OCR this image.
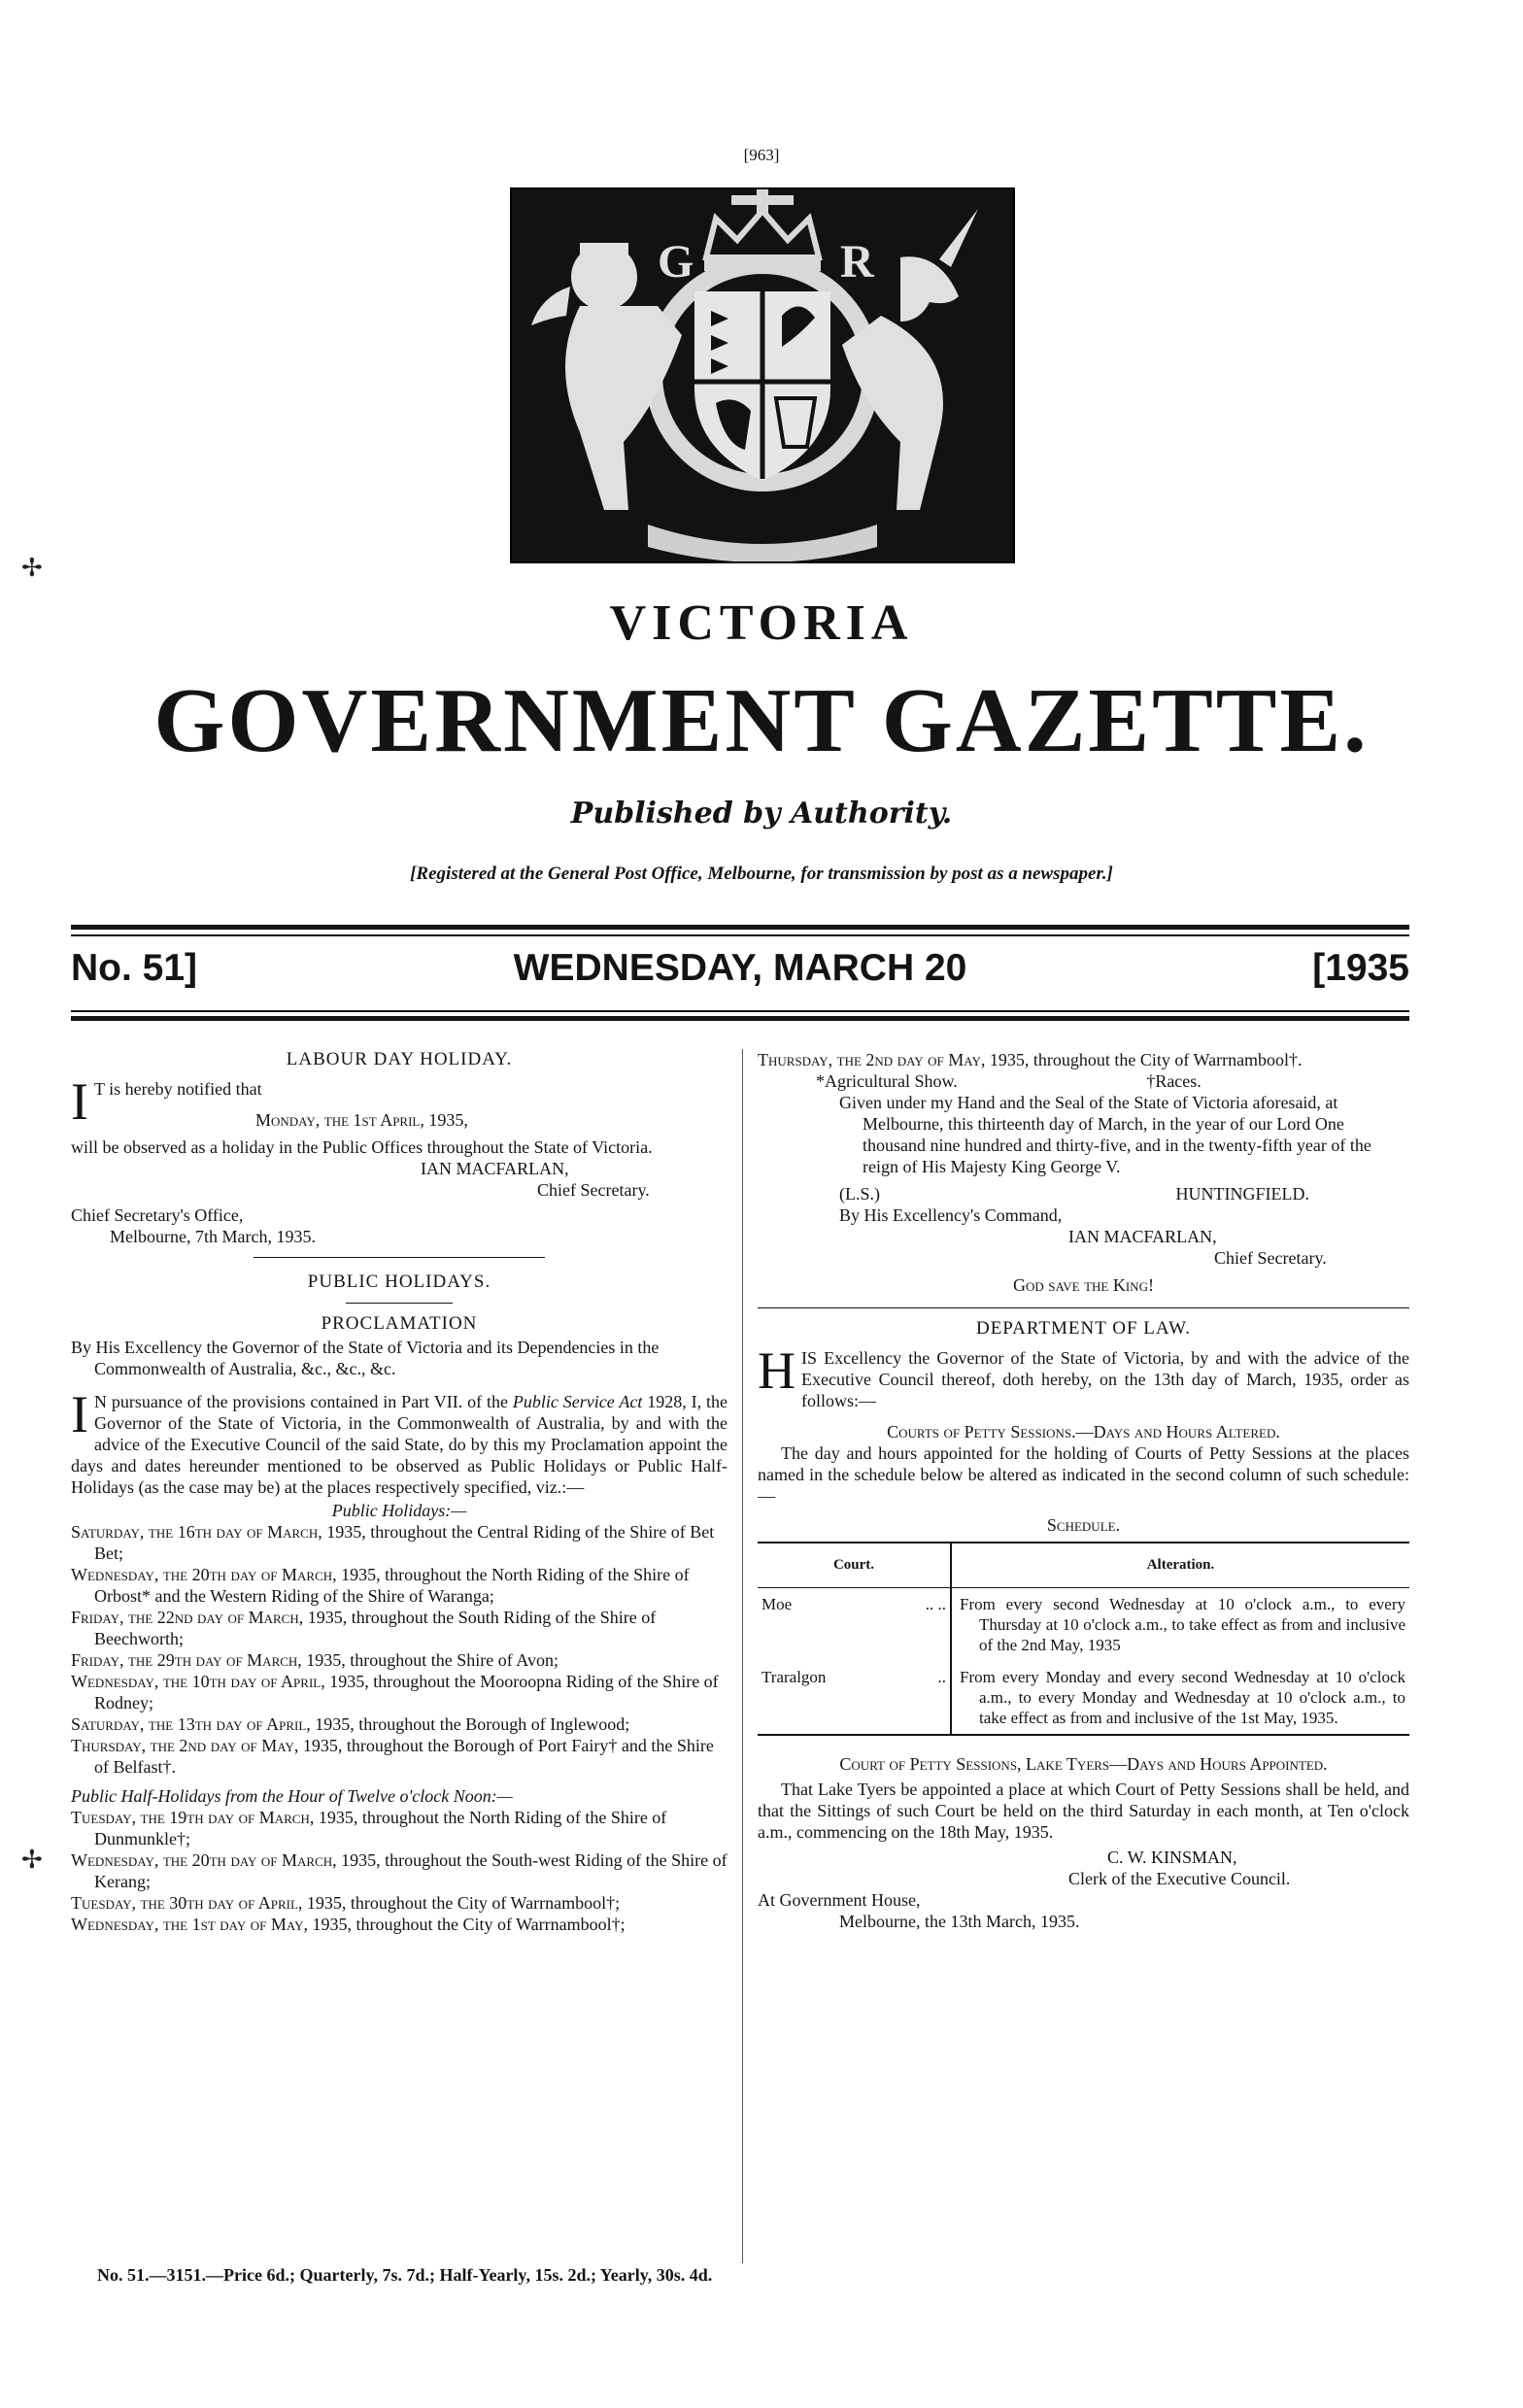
[963]
G	R
VICTORIA
GOVERNMENT GAZETTE.
Published by Authority.
[Registered at the General Post Office, Melbourne, for transmission by post as a newspaper.]
No. 51]	WEDNESDAY, MARCH 20	[1935
LABOUR DAY HOLIDAY.

I T is hereby notified that

Monday, the 1st April, 1935,

will be observed as a holiday in the Public Offices throughout the State of Victoria.

IAN MACFARLAN,

Chief Secretary.

Chief Secretary's Office,

Melbourne, 7th March, 1935.

PUBLIC HOLIDAYS.
PROCLAMATION

By His Excellency the Governor of the State of Victoria and its Dependencies in the Commonwealth of Australia, &c., &c., &c.

I N pursuance of the provisions contained in Part VII. of the Public Service Act 1928, I, the Governor of the State of Victoria, in the Commonwealth of Australia, by and with the advice of the Executive Council of the said State, do by this my Proclamation appoint the days and dates hereunder mentioned to be observed as Public Holidays or Public Half-Holidays (as the case may be) at the places respectively specified, viz.:—

Public Holidays:—

Saturday, the 16th day of March, 1935, throughout the Central Riding of the Shire of Bet Bet;

Wednesday, the 20th day of March, 1935, throughout the North Riding of the Shire of Orbost* and the Western Riding of the Shire of Waranga;

Friday, the 22nd day of March, 1935, throughout the South Riding of the Shire of Beechworth;

Friday, the 29th day of March, 1935, throughout the Shire of Avon;

Wednesday, the 10th day of April, 1935, throughout the Mooroopna Riding of the Shire of Rodney;

Saturday, the 13th day of April, 1935, throughout the Borough of Inglewood;

Thursday, the 2nd day of May, 1935, throughout the Borough of Port Fairy† and the Shire of Belfast†.

Public Half-Holidays from the Hour of Twelve o'clock Noon:—

Tuesday, the 19th day of March, 1935, throughout the North Riding of the Shire of Dunmunkle†;

Wednesday, the 20th day of March, 1935, throughout the South-west Riding of the Shire of Kerang;

Tuesday, the 30th day of April, 1935, throughout the City of Warrnambool†;

Wednesday, the 1st day of May, 1935, throughout the City of Warrnambool†;

Thursday, the 2nd day of May, 1935, throughout the City of Warrnambool†.

*Agricultural Show.	†Races.

Given under my Hand and the Seal of the State of Victoria aforesaid, at Melbourne, this thirteenth day of March, in the year of our Lord One thousand nine hundred and thirty-five, and in the twenty-fifth year of the reign of His Majesty King George V.

(L.S.)	HUNTINGFIELD.

By His Excellency's Command,

IAN MACFARLAN,

Chief Secretary.

God save the King!

DEPARTMENT OF LAW.

HIS Excellency the Governor of the State of Victoria, by and with the advice of the Executive Council thereof, doth hereby, on the 13th day of March, 1935, order as follows:—

Courts of Petty Sessions.—Days and Hours Altered.

The day and hours appointed for the holding of Courts of Petty Sessions at the places named in the schedule below be altered as indicated in the second column of such schedule:—

Schedule.

Court.	Alteration.
Moe .. ..	From every second Wednesday at 10 o'clock a.m., to every Thursday at 10 o'clock a.m., to take effect as from and inclusive of the 2nd May, 1935
Traralgon ..	From every Monday and every second Wednesday at 10 o'clock a.m., to every Monday and Wednesday at 10 o'clock a.m., to take effect as from and inclusive of the 1st May, 1935.

Court of Petty Sessions, Lake Tyers—Days and Hours Appointed.

That Lake Tyers be appointed a place at which Court of Petty Sessions shall be held, and that the Sittings of such Court be held on the third Saturday in each month, at Ten o'clock a.m., commencing on the 18th May, 1935.

C. W. KINSMAN,

Clerk of the Executive Council.

At Government House,

Melbourne, the 13th March, 1935.

No. 51.—3151.—Price 6d.; Quarterly, 7s. 7d.; Half-Yearly, 15s. 2d.; Yearly, 30s. 4d.
✢
✢
